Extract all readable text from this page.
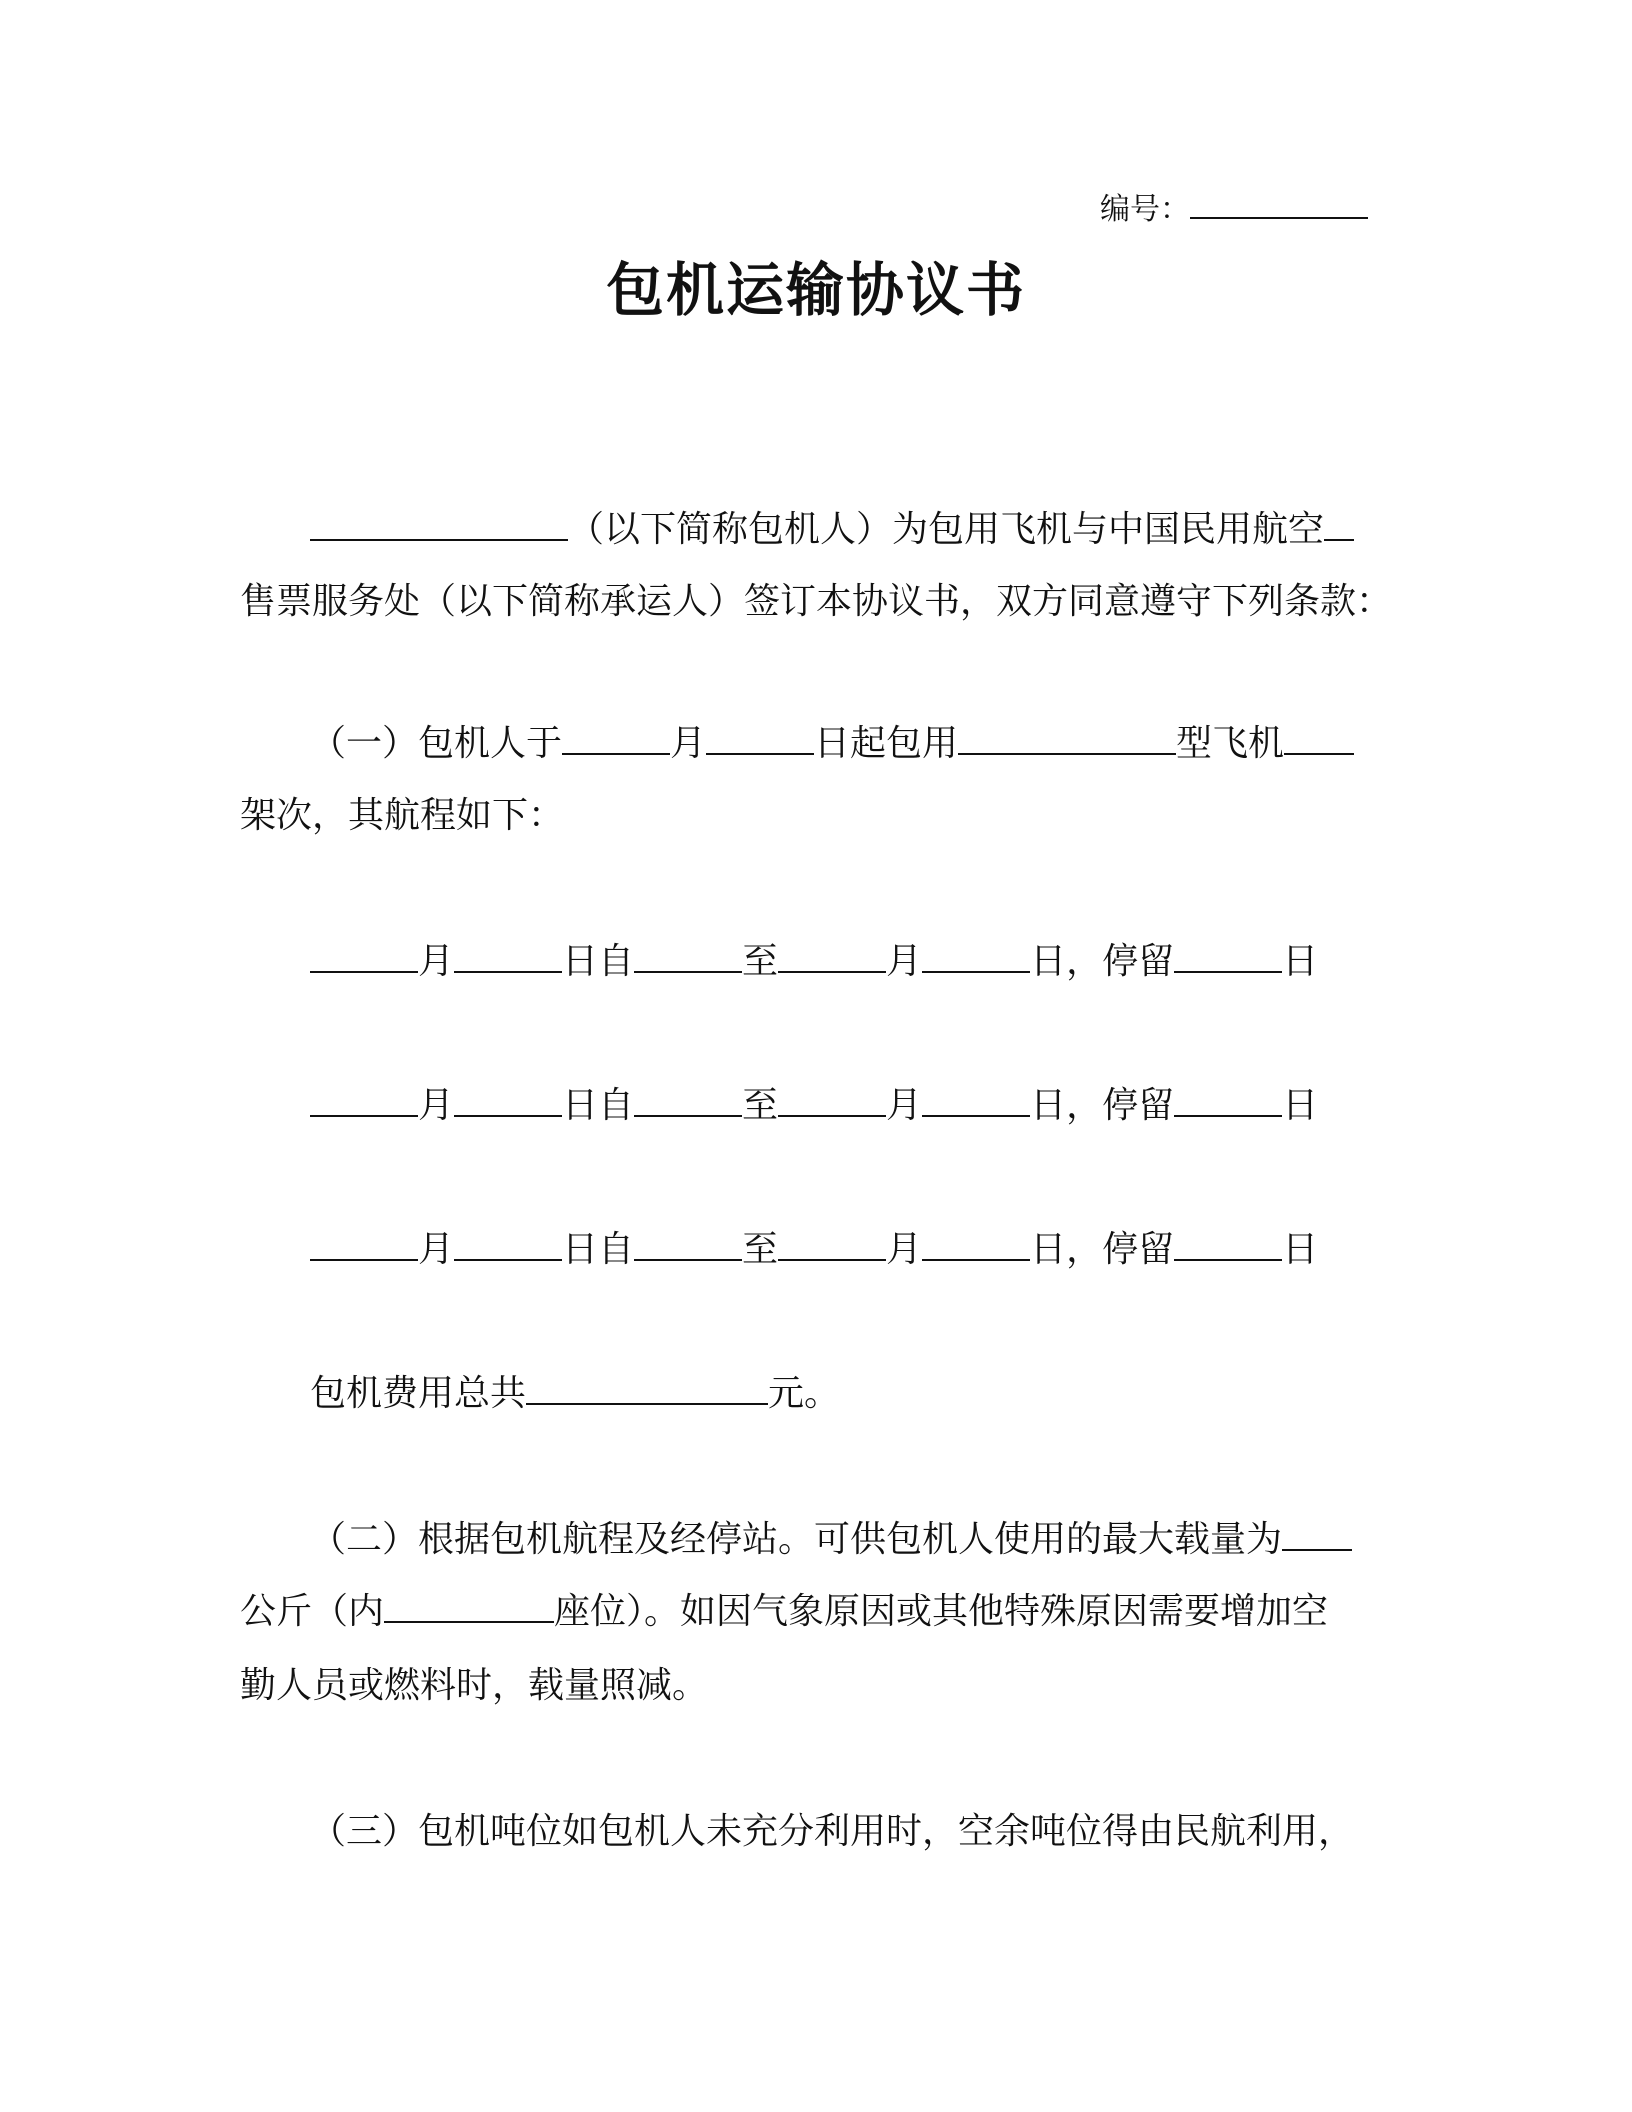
编号：
包机运输协议书
（以下简称包机人）为包用飞机与中国民用航空
售票服务处（以下简称承运人）签订本协议书，双方同意遵守下列条款：
（一）包机人于	月	日起包用	型飞机
架次，其航程如下：
月	日自	至	月	日，停留	日
月	日自	至	月	日，停留	日
月	日自	至	月	日，停留	日
包机费用总共	元。
（二）根据包机航程及经停站。可供包机人使用的最大载量为
公斤（内	座位）。如因气象原因或其他特殊原因需要增加空
勤人员或燃料时，载量照减。
（三）包机吨位如包机人未充分利用时，空余吨位得由民航利用，
